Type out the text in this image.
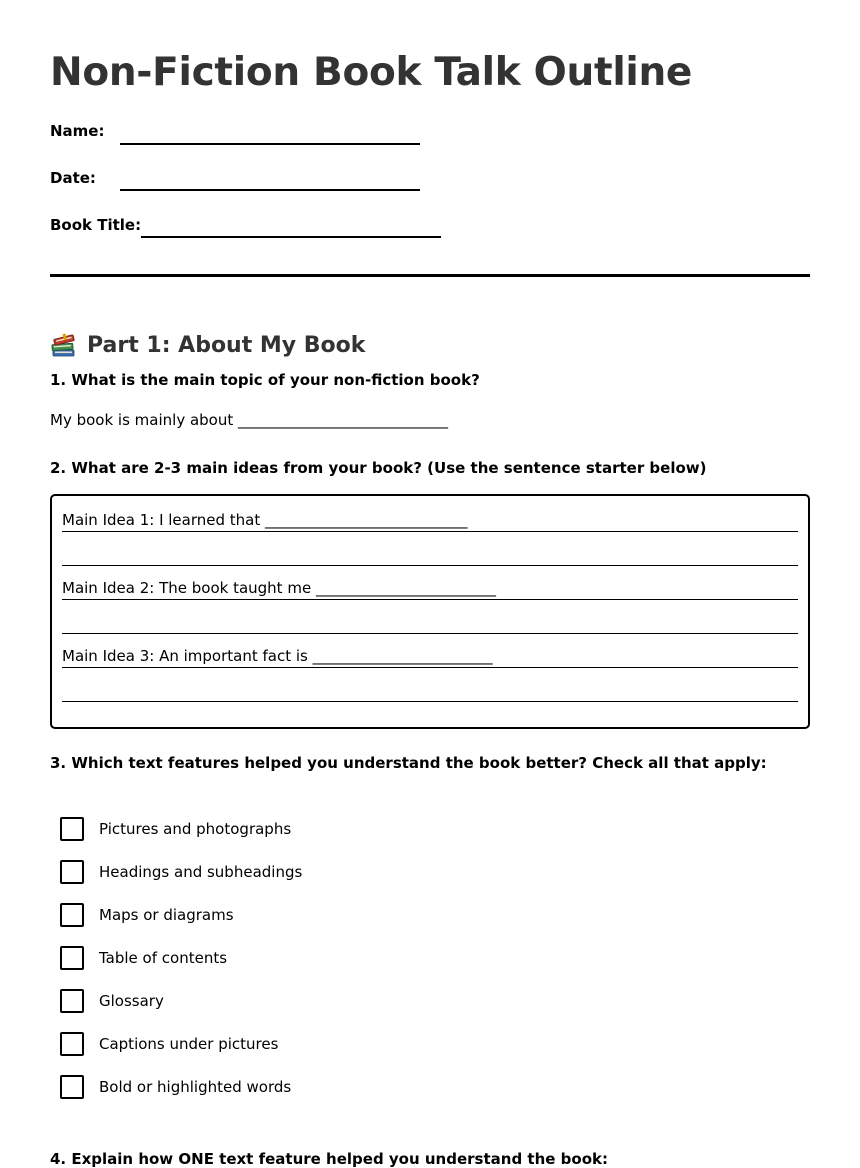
Non-Fiction Book Talk Outline
Name:
Date:
Book Title:
Part 1: About My Book
1. What is the main topic of your non-fiction book?
My book is mainly about ____________________________
2. What are 2-3 main ideas from your book? (Use the sentence starter below)
Main Idea 1: I learned that ___________________________
Main Idea 2: The book taught me ________________________
Main Idea 3: An important fact is ________________________
3. Which text features helped you understand the book better? Check all that apply:
Pictures and photographs
Headings and subheadings
Maps or diagrams
Table of contents
Glossary
Captions under pictures
Bold or highlighted words
4. Explain how ONE text feature helped you understand the book:
